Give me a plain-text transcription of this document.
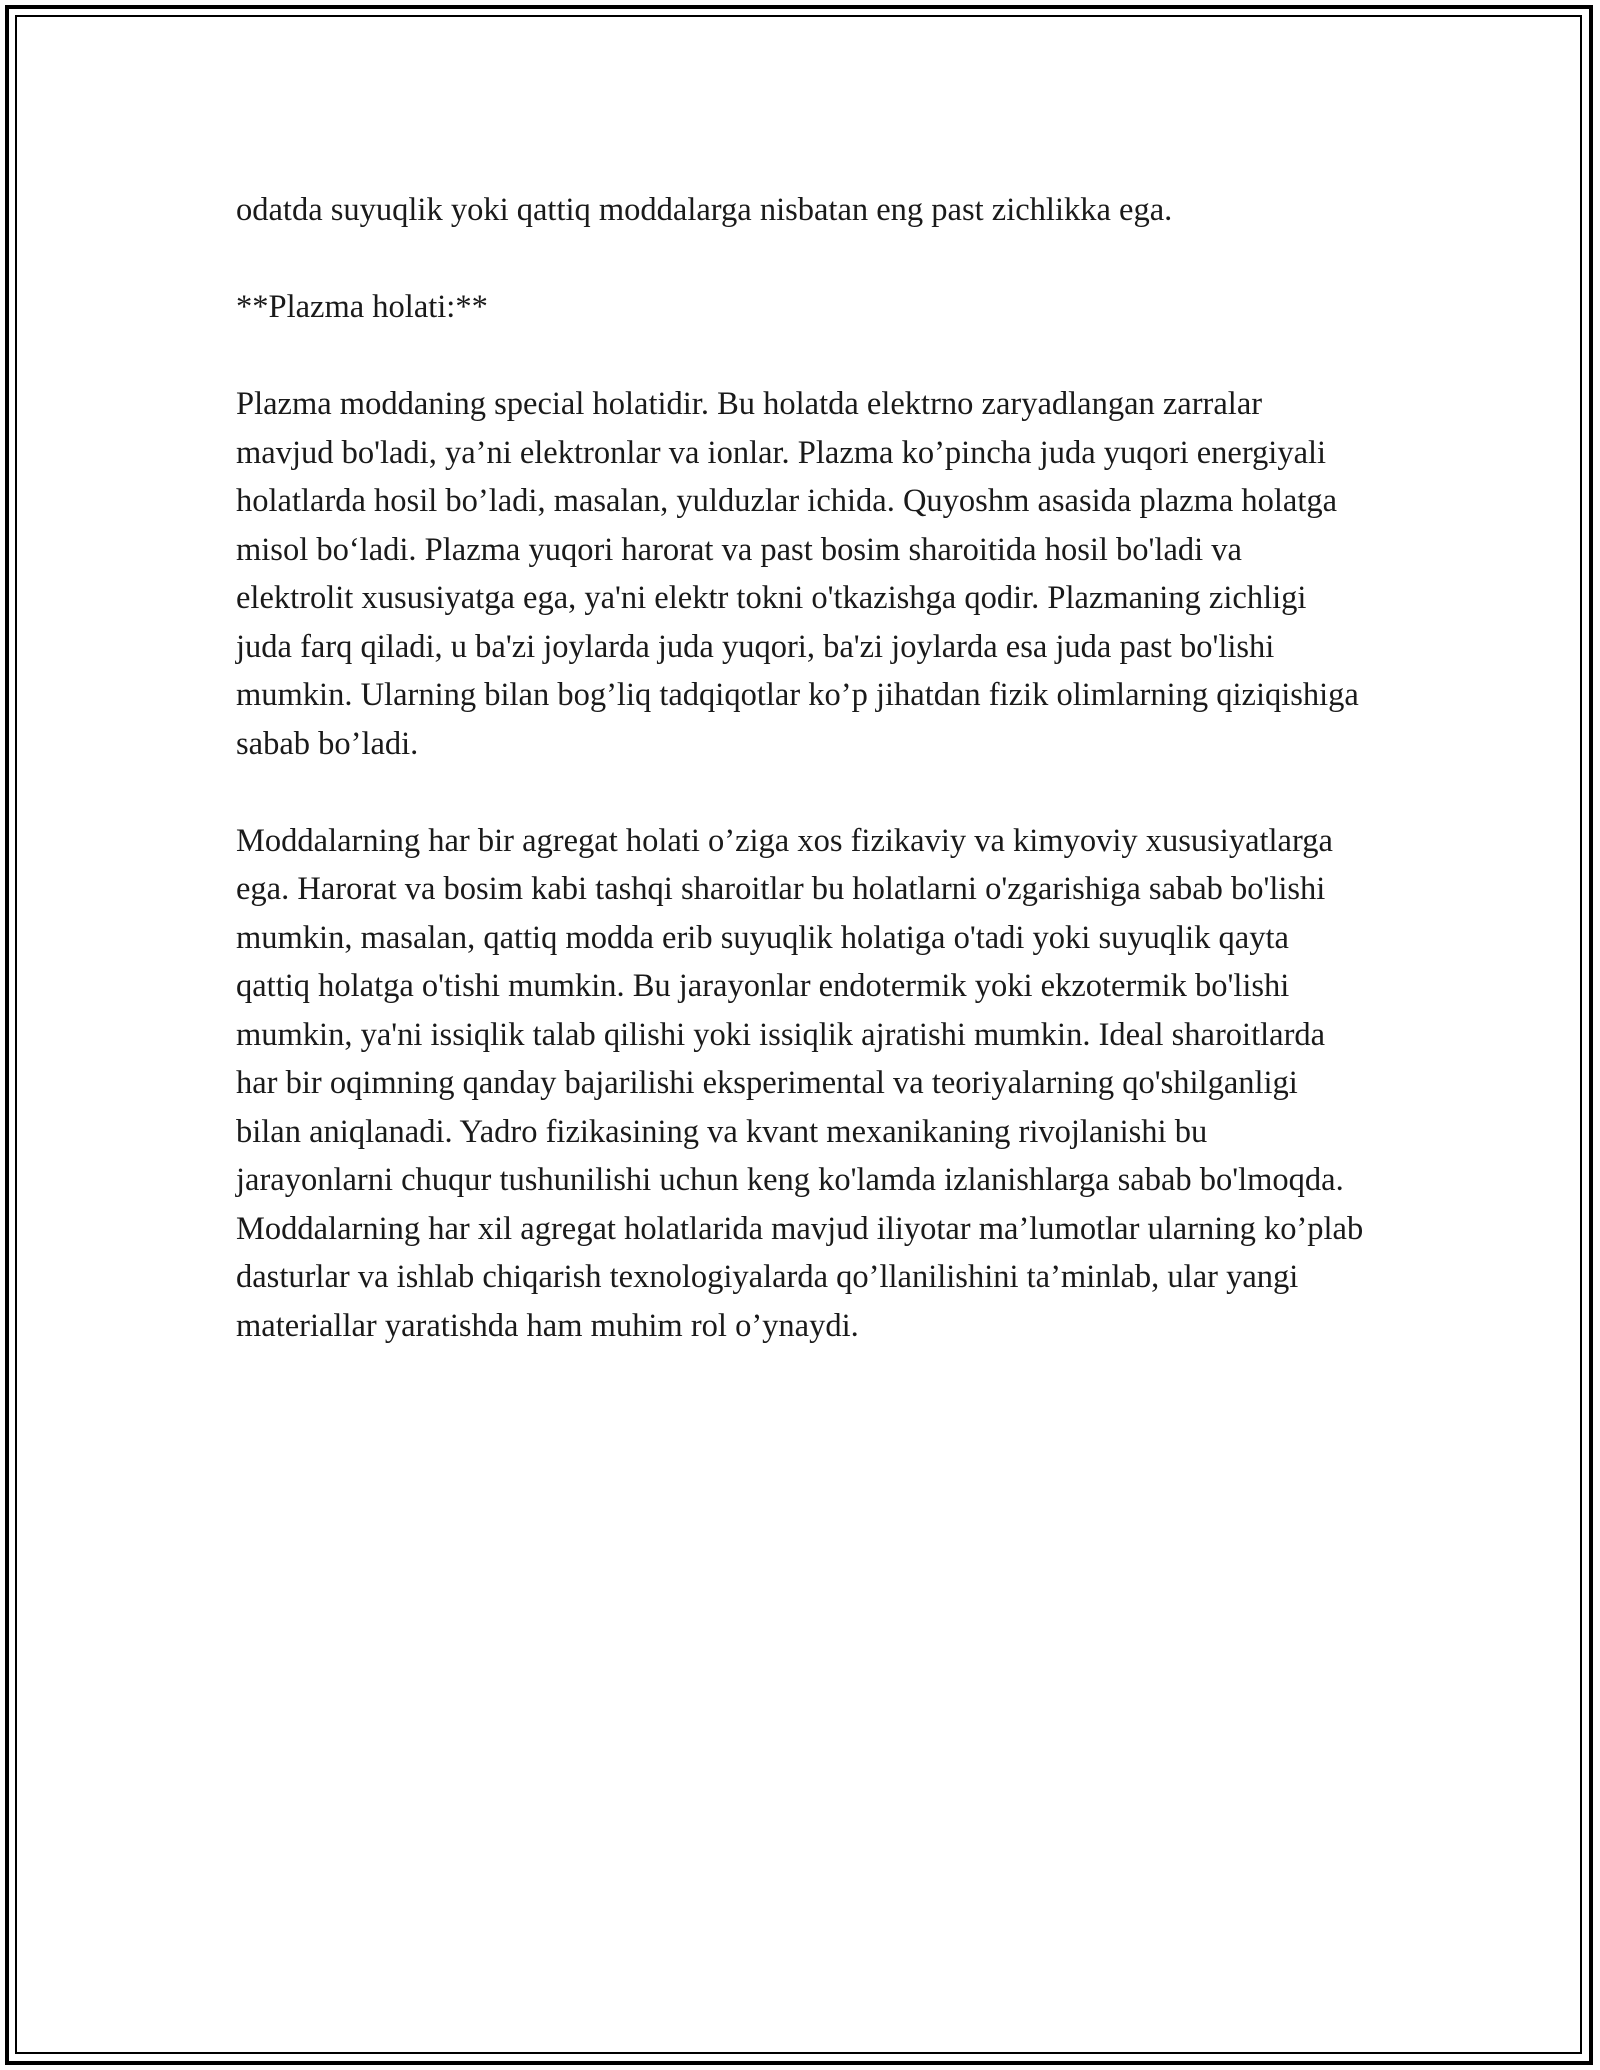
odatda suyuqlik yoki qattiq moddalarga nisbatan eng past zichlikka ega.

**Plazma holati:**

Plazma moddaning special holatidir. Bu holatda elektrno zaryadlangan zarralar mavjud bo'ladi, ya’ni elektronlar va ionlar. Plazma ko’pincha juda yuqori energiyali holatlarda hosil bo’ladi, masalan, yulduzlar ichida. Quyoshm asasida plazma holatga misol bo‘ladi. Plazma yuqori harorat va past bosim sharoitida hosil bo'ladi va elektrolit xususiyatga ega, ya'ni elektr tokni o'tkazishga qodir. Plazmaning zichligi juda farq qiladi, u ba'zi joylarda juda yuqori, ba'zi joylarda esa juda past bo'lishi mumkin. Ularning bilan bog’liq tadqiqotlar ko’p jihatdan fizik olimlarning qiziqishiga sabab bo’ladi.

Moddalarning har bir agregat holati o’ziga xos fizikaviy va kimyoviy xususiyatlarga ega. Harorat va bosim kabi tashqi sharoitlar bu holatlarni o'zgarishiga sabab bo'lishi mumkin, masalan, qattiq modda erib suyuqlik holatiga o'tadi yoki suyuqlik qayta qattiq holatga o'tishi mumkin. Bu jarayonlar endotermik yoki ekzotermik bo'lishi mumkin, ya'ni issiqlik talab qilishi yoki issiqlik ajratishi mumkin. Ideal sharoitlarda har bir oqimning qanday bajarilishi eksperimental va teoriyalarning qo'shilganligi bilan aniqlanadi. Yadro fizikasining va kvant mexanikaning rivojlanishi bu jarayonlarni chuqur tushunilishi uchun keng ko'lamda izlanishlarga sabab bo'lmoqda. Moddalarning har xil agregat holatlarida mavjud iliyotar ma’lumotlar ularning ko’plab dasturlar va ishlab chiqarish texnologiyalarda qo’llanilishini ta’minlab, ular yangi materiallar yaratishda ham muhim rol o’ynaydi.
